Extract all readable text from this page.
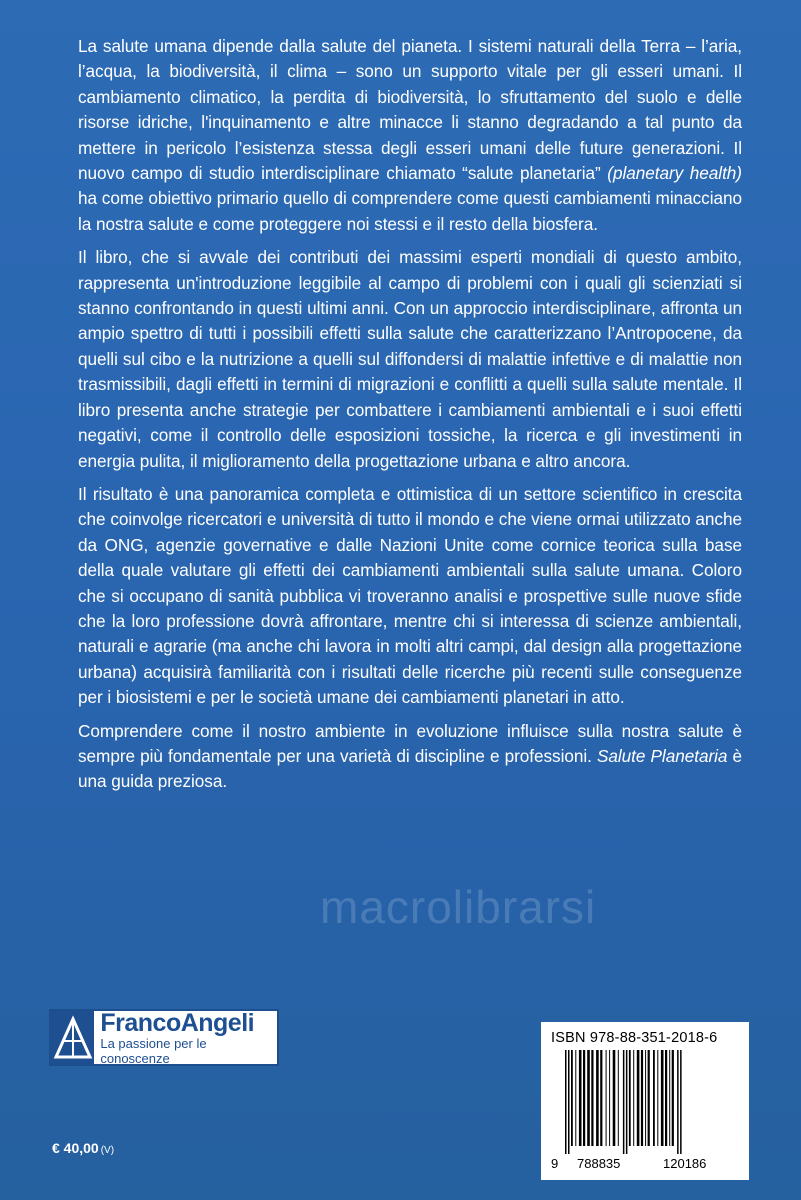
La salute umana dipende dalla salute del pianeta. I sistemi naturali della Terra – l’aria, l’acqua, la biodiversità, il clima – sono un supporto vitale per gli esseri umani. Il cambiamento climatico, la perdita di biodiversità, lo sfruttamento del suolo e delle risorse idriche, l'inquinamento e altre minacce li stanno degradando a tal punto da mettere in pericolo l’esistenza stessa degli esseri umani delle future generazioni. Il nuovo campo di studio interdisciplinare chiamato “salute planetaria” (planetary health) ha come obiettivo primario quello di comprendere come questi cambiamenti minacciano la nostra salute e come proteggere noi stessi e il resto della biosfera.

Il libro, che si avvale dei contributi dei massimi esperti mondiali di questo ambito, rappresenta un'introduzione leggibile al campo di problemi con i quali gli scienziati si stanno confrontando in questi ultimi anni. Con un approccio interdisciplinare, affronta un ampio spettro di tutti i possibili effetti sulla salute che caratterizzano l’Antropocene, da quelli sul cibo e la nutrizione a quelli sul diffondersi di malattie infettive e di malattie non trasmissibili, dagli effetti in termini di migrazioni e conflitti a quelli sulla salute mentale. Il libro presenta anche strategie per combattere i cambiamenti ambientali e i suoi effetti negativi, come il controllo delle esposizioni tossiche, la ricerca e gli investimenti in energia pulita, il miglioramento della progettazione urbana e altro ancora.

Il risultato è una panoramica completa e ottimistica di un settore scientifico in crescita che coinvolge ricercatori e università di tutto il mondo e che viene ormai utilizzato anche da ONG, agenzie governative e dalle Nazioni Unite come cornice teorica sulla base della quale valutare gli effetti dei cambiamenti ambientali sulla salute umana. Coloro che si occupano di sanità pubblica vi troveranno analisi e prospettive sulle nuove sfide che la loro professione dovrà affrontare, mentre chi si interessa di scienze ambientali, naturali e agrarie (ma anche chi lavora in molti altri campi, dal design alla progettazione urbana) acquisirà familiarità con i risultati delle ricerche più recenti sulle conseguenze per i biosistemi e per le società umane dei cambiamenti planetari in atto.

Comprendere come il nostro ambiente in evoluzione influisce sulla nostra salute è sempre più fondamentale per una varietà di discipline e professioni. Salute Planetaria è una guida preziosa.

macrolibrarsi
FrancoAngeli
La passione per le conoscenze
€ 40,00 (V)
ISBN 978-88-351-2018-6
9 788835	120186
